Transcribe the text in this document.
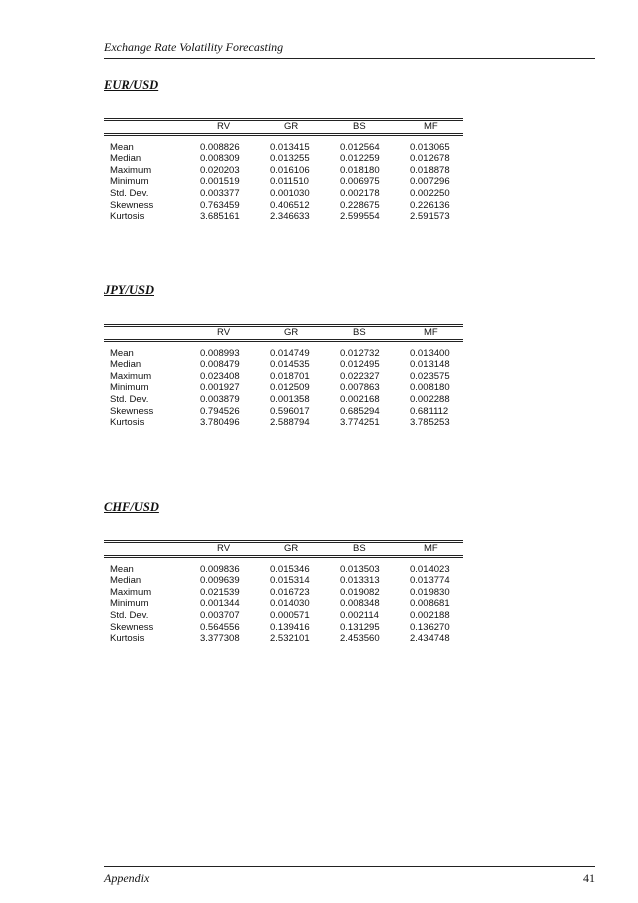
Exchange Rate Volatility Forecasting
EUR/USD
RV	GR	BS	MF
Mean	0.008826	0.013415	0.012564	0.013065
Median	0.008309	0.013255	0.012259	0.012678
Maximum	0.020203	0.016106	0.018180	0.018878
Minimum	0.001519	0.011510	0.006975	0.007296
Std. Dev.	0.003377	0.001030	0.002178	0.002250
Skewness	0.763459	0.406512	0.228675	0.226136
Kurtosis	3.685161	2.346633	2.599554	2.591573
JPY/USD
RV	GR	BS	MF
Mean	0.008993	0.014749	0.012732	0.013400
Median	0.008479	0.014535	0.012495	0.013148
Maximum	0.023408	0.018701	0.022327	0.023575
Minimum	0.001927	0.012509	0.007863	0.008180
Std. Dev.	0.003879	0.001358	0.002168	0.002288
Skewness	0.794526	0.596017	0.685294	0.681112
Kurtosis	3.780496	2.588794	3.774251	3.785253
CHF/USD
RV	GR	BS	MF
Mean	0.009836	0.015346	0.013503	0.014023
Median	0.009639	0.015314	0.013313	0.013774
Maximum	0.021539	0.016723	0.019082	0.019830
Minimum	0.001344	0.014030	0.008348	0.008681
Std. Dev.	0.003707	0.000571	0.002114	0.002188
Skewness	0.564556	0.139416	0.131295	0.136270
Kurtosis	3.377308	2.532101	2.453560	2.434748
Appendix	41
